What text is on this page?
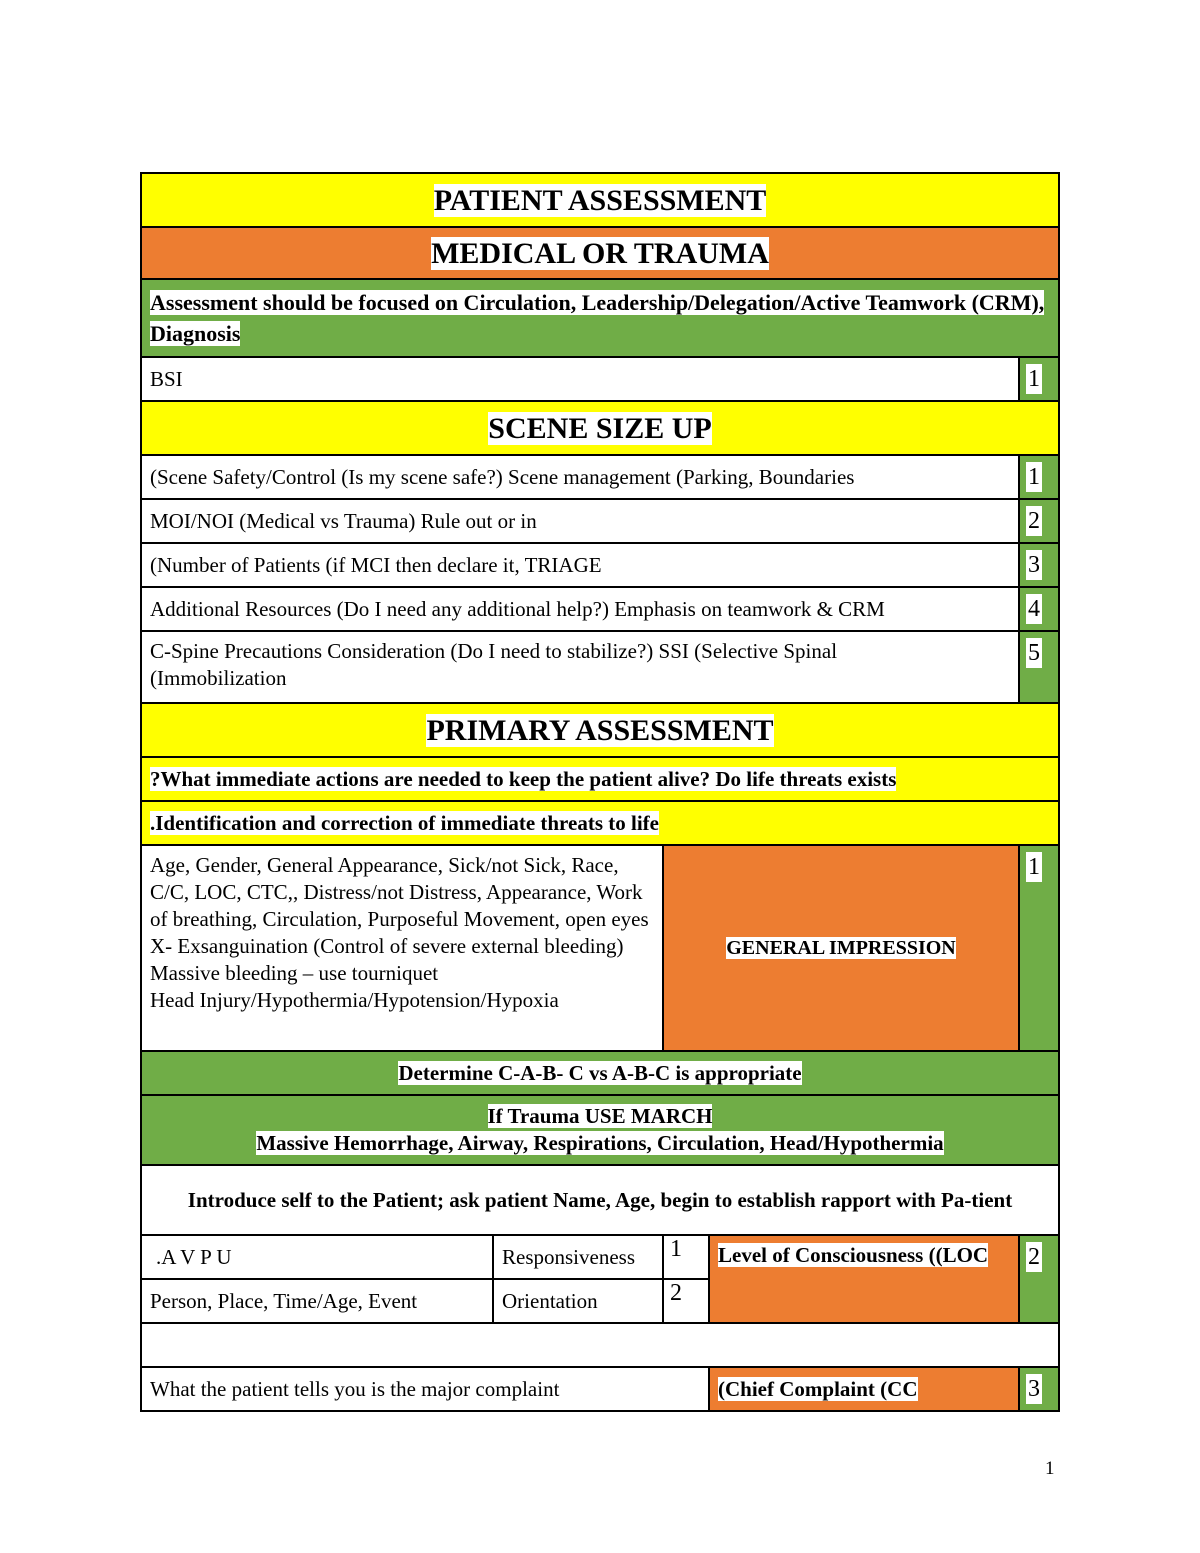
PATIENT ASSESSMENT				
MEDICAL OR TRAUMA				
Assessment should be focused on Circulation, Leadership/Delegation/Active Teamwork (CRM), Diagnosis				
BSI				1
SCENE SIZE UP				
(Scene Safety/Control (Is my scene safe?) Scene management (Parking, Boundaries				1
MOI/NOI (Medical vs Trauma) Rule out or in				2
(Number of Patients (if MCI then declare it, TRIAGE				3
Additional Resources (Do I need any additional help?) Emphasis on teamwork & CRM				4
C-Spine Precautions Consideration (Do I need to stabilize?) SSI (Selective Spinal (Immobilization				5
PRIMARY ASSESSMENT				
?What immediate actions are needed to keep the patient alive? Do life threats exists				
.Identification and correction of immediate threats to life				

Age, Gender, General Appearance, Sick/not Sick, Race, C/C, LOC, CTC,, Distress/not Distress, Appearance, Work of breathing, Circulation, Purposeful Movement, open eyes
X- Exsanguination (Control of severe external bleeding)
Massive bleeding – use tourniquet
Head Injury/Hypothermia/Hypotension/Hypoxia		GENERAL IMPRESSION		1
Determine C-A-B- C vs A-B-C is appropriate				
If Trauma USE MARCH
Massive Hemorrhage, Airway, Respirations, Circulation, Head/Hypothermia				
Introduce self to the Patient; ask patient Name, Age, begin to establish rapport with Pa-tient				
.A V P U	Responsiveness	1	Level of Consciousness ((LOC	2
Person, Place, Time/Age, Event	Orientation	2		

What the patient tells you is the major complaint			(Chief Complaint (CC	3
1
